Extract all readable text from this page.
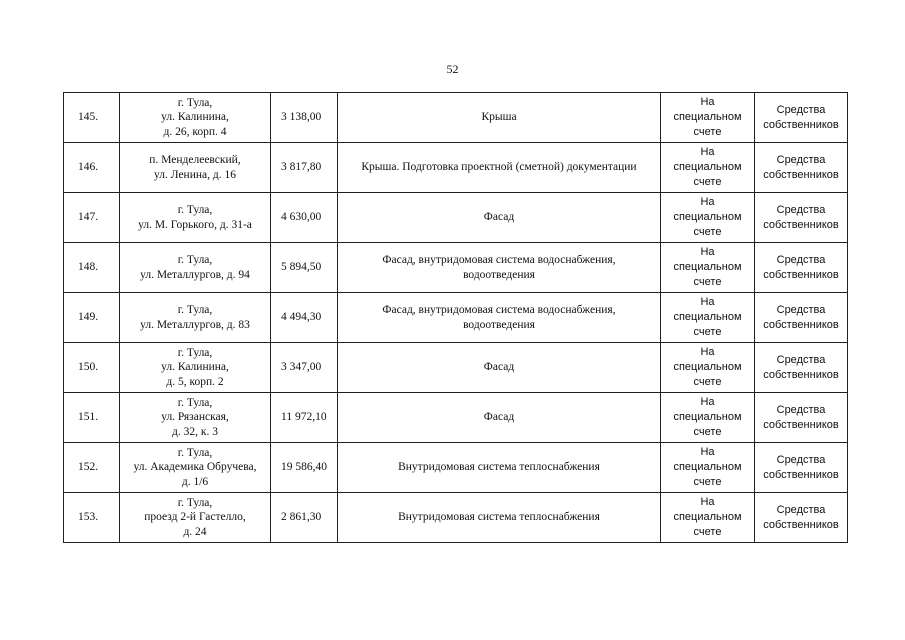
52
145.	г. Тула,
ул. Калинина,
д. 26, корп. 4	3 138,00	Крыша	На
специальном
счете	Средства
собственников
146.	п. Менделеевский,
ул. Ленина, д. 16	3 817,80	Крыша. Подготовка проектной (сметной) документации	На
специальном
счете	Средства
собственников
147.	г. Тула,
ул. М. Горького, д. 31-а	4 630,00	Фасад	На
специальном
счете	Средства
собственников
148.	г. Тула,
ул. Металлургов, д. 94	5 894,50	Фасад, внутридомовая система водоснабжения,
водоотведения	На
специальном
счете	Средства
собственников
149.	г. Тула,
ул. Металлургов, д. 83	4 494,30	Фасад, внутридомовая система водоснабжения,
водоотведения	На
специальном
счете	Средства
собственников
150.	г. Тула,
ул. Калинина,
д. 5, корп. 2	3 347,00	Фасад	На
специальном
счете	Средства
собственников
151.	г. Тула,
ул. Рязанская,
д. 32, к. 3	11 972,10	Фасад	На
специальном
счете	Средства
собственников
152.	г. Тула,
ул. Академика Обручева,
д. 1/6	19 586,40	Внутридомовая система теплоснабжения	На
специальном
счете	Средства
собственников
153.	г. Тула,
проезд 2-й Гастелло,
д. 24	2 861,30	Внутридомовая система теплоснабжения	На
специальном
счете	Средства
собственников
